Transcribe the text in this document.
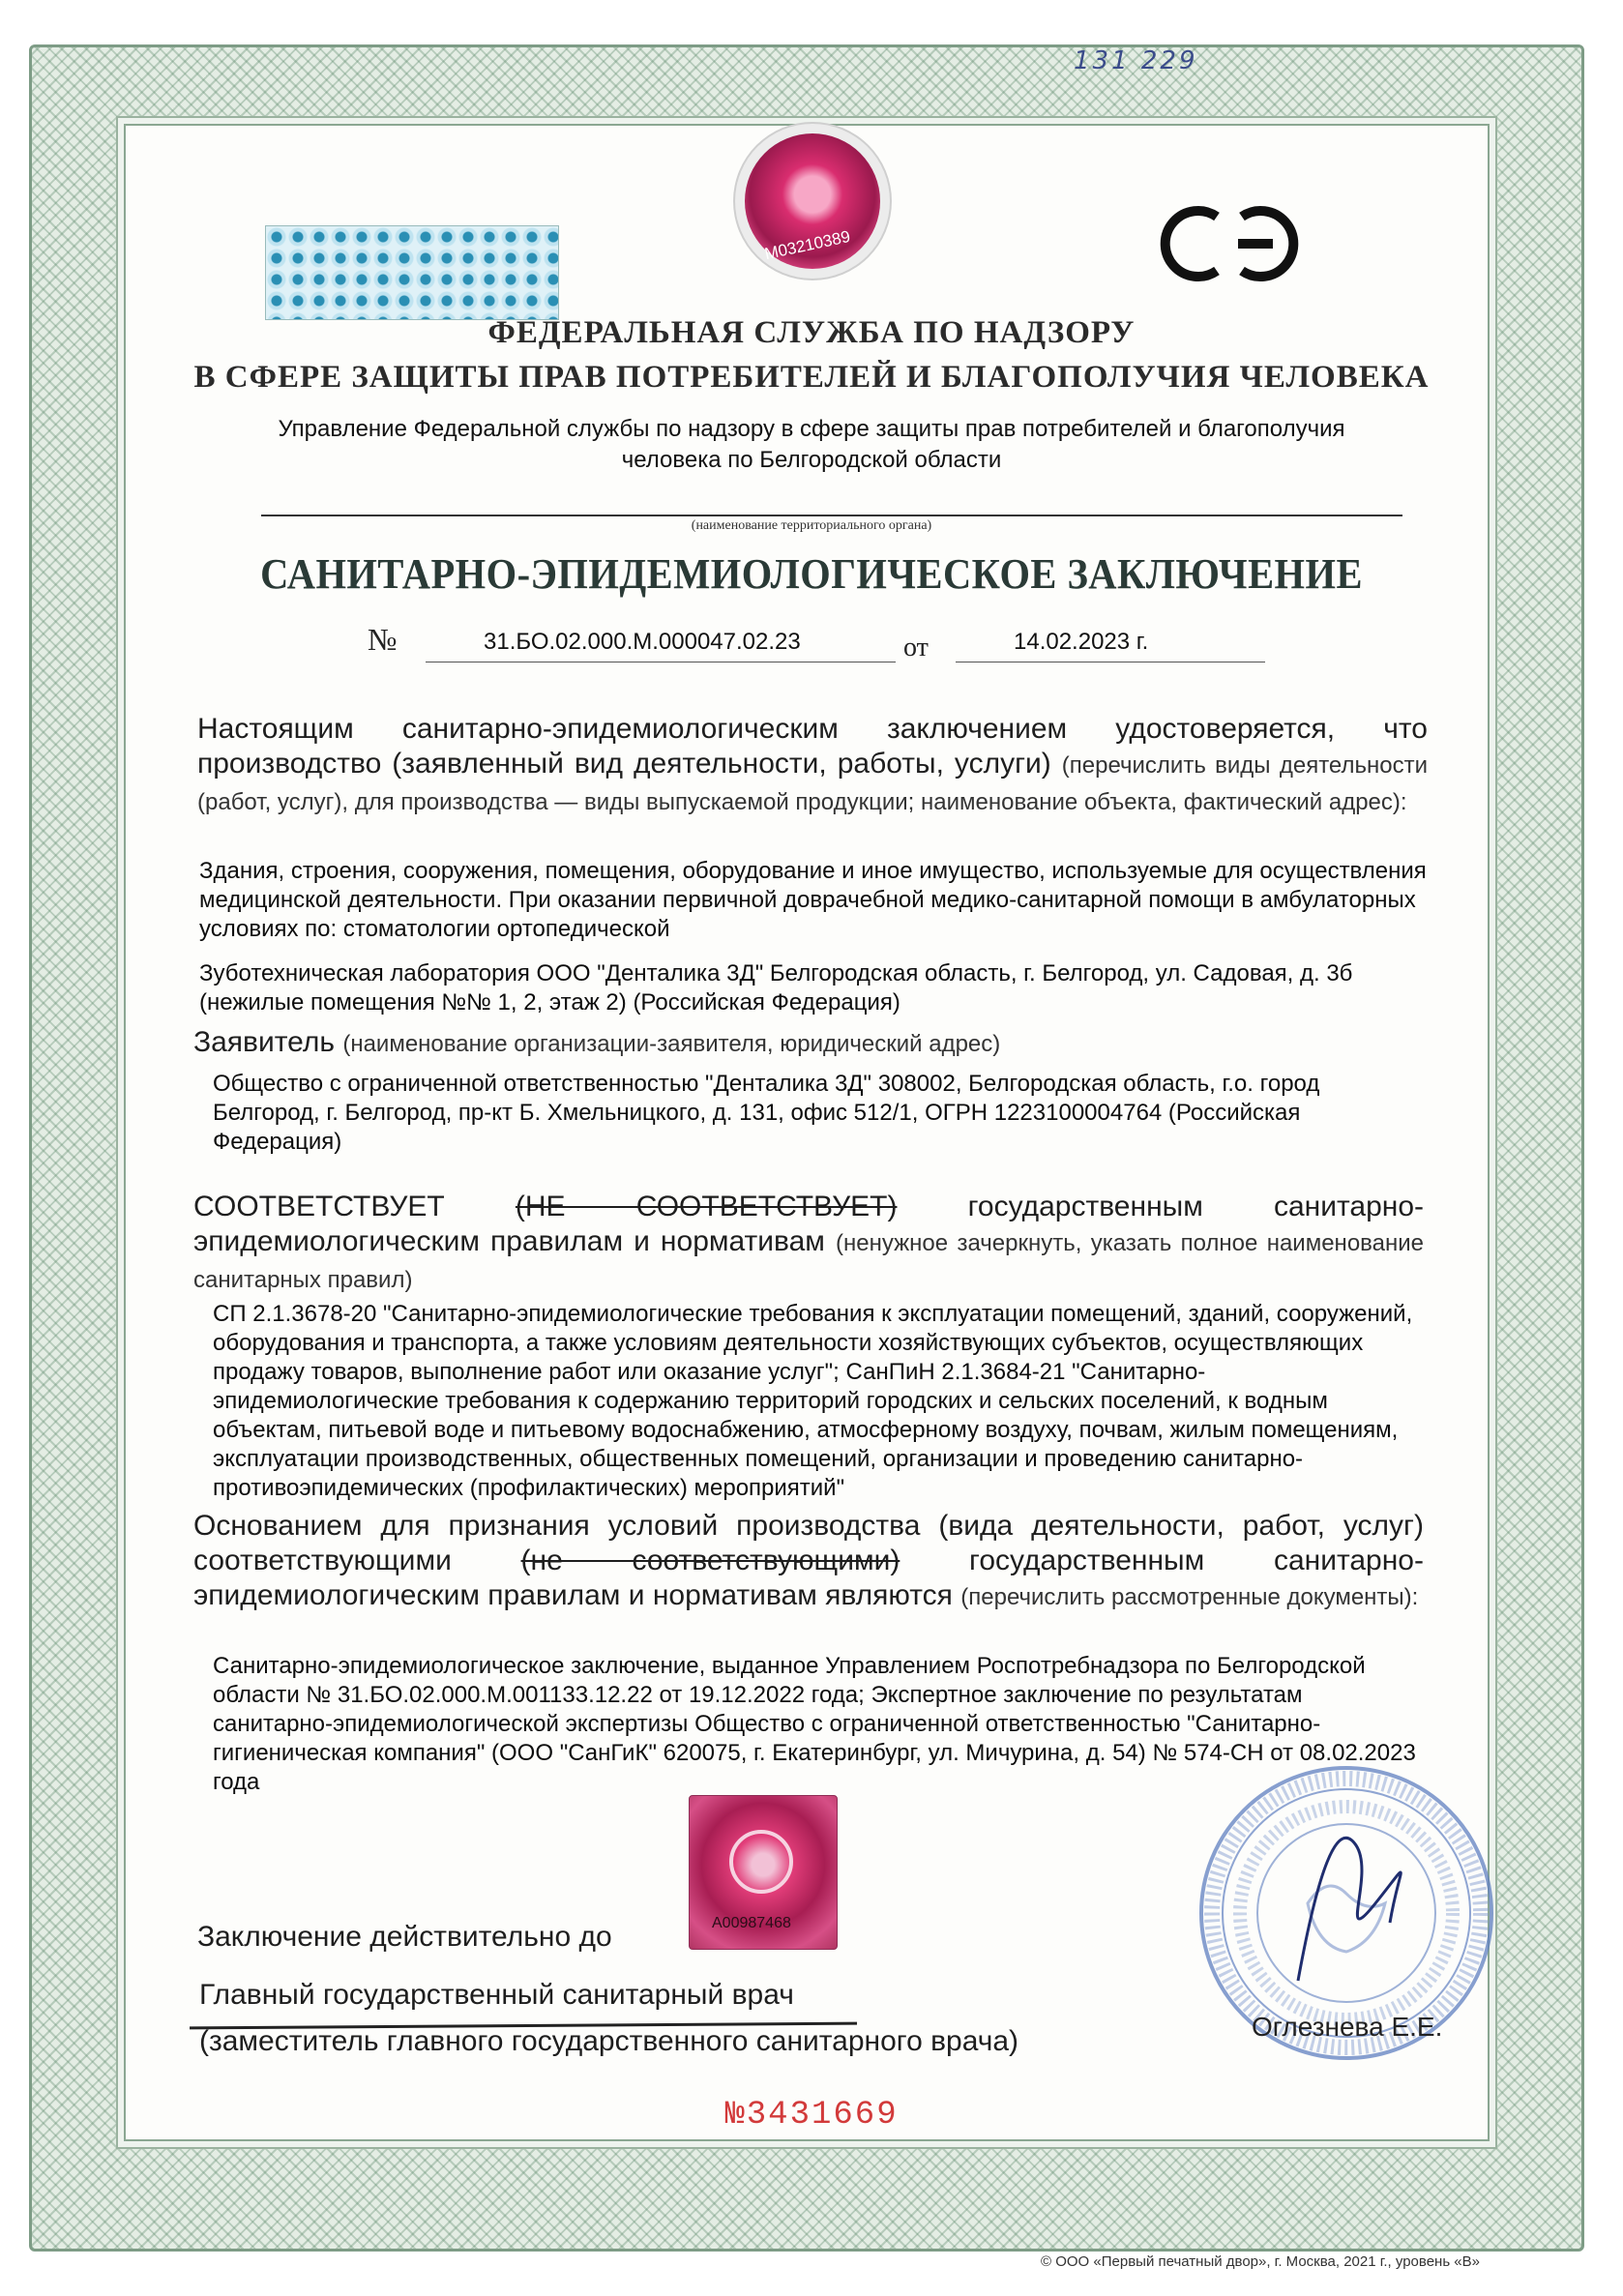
131 229
M03210389
ФЕДЕРАЛЬНАЯ СЛУЖБА ПО НАДЗОРУ
В СФЕРЕ ЗАЩИТЫ ПРАВ ПОТРЕБИТЕЛЕЙ И БЛАГОПОЛУЧИЯ ЧЕЛОВЕКА
Управление Федеральной службы по надзору в сфере защиты прав потребителей и благополучия
человека по Белгородской области
(наименование территориального органа)
САНИТАРНО-ЭПИДЕМИОЛОГИЧЕСКОЕ ЗАКЛЮЧЕНИЕ
№	31.БО.02.000.М.000047.02.23	от	14.02.2023 г.
Настоящим санитарно-эпидемиологическим заключением удостоверяется, что производство (заявленный вид деятельности, работы, услуги) (перечислить виды деятельности (работ, услуг), для производства — виды выпускаемой продукции; наименование объекта, фактический адрес):
Здания, строения, сооружения, помещения, оборудование и иное имущество, используемые для осуществления медицинской деятельности. При оказании первичной доврачебной медико-санитарной помощи в амбулаторных условиях по: стоматологии ортопедической
Зуботехническая лаборатория ООО "Денталика 3Д" Белгородская область, г. Белгород, ул. Садовая, д. 3б (нежилые помещения №№ 1, 2, этаж 2) (Российская Федерация)
Заявитель (наименование организации-заявителя, юридический адрес)
Общество с ограниченной ответственностью "Денталика 3Д" 308002, Белгородская область, г.о. город Белгород, г. Белгород, пр-кт Б. Хмельницкого, д. 131, офис 512/1, ОГРН 1223100004764 (Российская Федерация)
СООТВЕТСТВУЕТ (НЕ СООТВЕТСТВУЕТ) государственным санитарно-эпидемиологическим правилам и нормативам (ненужное зачеркнуть, указать полное наименование санитарных правил)
СП 2.1.3678-20 "Санитарно-эпидемиологические требования к эксплуатации помещений, зданий, сооружений, оборудования и транспорта, а также условиям деятельности хозяйствующих субъектов, осуществляющих продажу товаров, выполнение работ или оказание услуг"; СанПиН 2.1.3684-21 "Санитарно-эпидемиологические требования к содержанию территорий городских и сельских поселений, к водным объектам, питьевой воде и питьевому водоснабжению, атмосферному воздуху, почвам, жилым помещениям, эксплуатации производственных, общественных помещений, организации и проведению санитарно-противоэпидемических (профилактических) мероприятий"
Основанием для признания условий производства (вида деятельности, работ, услуг) соответствующими (не соответствующими) государственным санитарно-эпидемиологическим правилам и нормативам являются (перечислить рассмотренные документы):
Санитарно-эпидемиологическое заключение, выданное Управлением Роспотребнадзора по Белгородской области № 31.БО.02.000.М.001133.12.22 от 19.12.2022 года; Экспертное заключение по результатам санитарно-эпидемиологической экспертизы Общество с ограниченной ответственностью "Санитарно-гигиеническая компания" (ООО "СанГиК" 620075, г. Екатеринбург, ул. Мичурина, д. 54) № 574-СН от 08.02.2023 года
A00987468
Заключение действительно до
Главный государственный санитарный врач
(заместитель главного государственного санитарного врача)	Оглезнева Е.Е.
№3431669
© ООО «Первый печатный двор», г. Москва, 2021 г., уровень «В»
